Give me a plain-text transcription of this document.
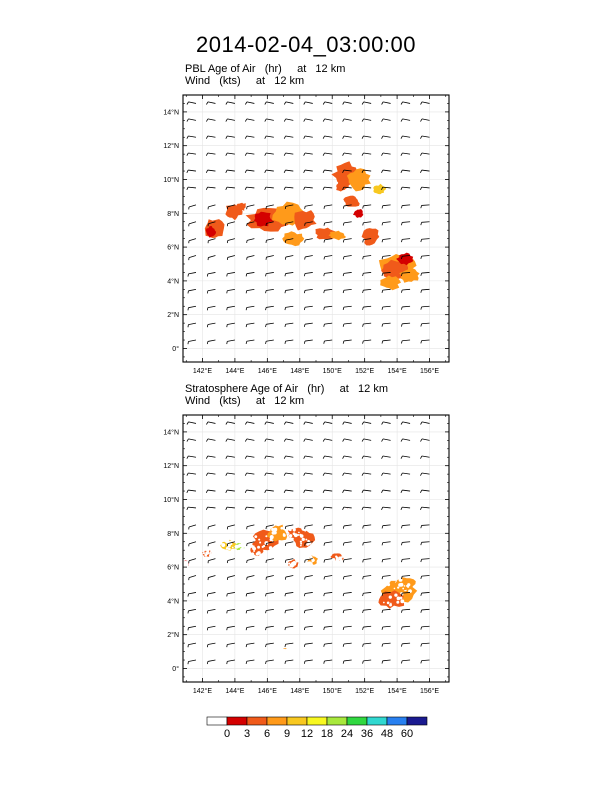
2014-02-04_03:00:00
PBL Age of Air   (hr)     at   12 km
Wind   (kts)     at   12 km
142°E 144°E 146°E 148°E 150°E 152°E 154°E 156°E
0°
2°N
4°N
6°N
8°N
10°N
12°N
14°N
Stratosphere Age of Air   (hr)     at   12 km
Wind   (kts)     at   12 km
142°E 144°E 146°E 148°E 150°E 152°E 154°E 156°E
0°
2°N
4°N
6°N
8°N
10°N
12°N
14°N
0 3 6 9 12 18 24 36 48 60
